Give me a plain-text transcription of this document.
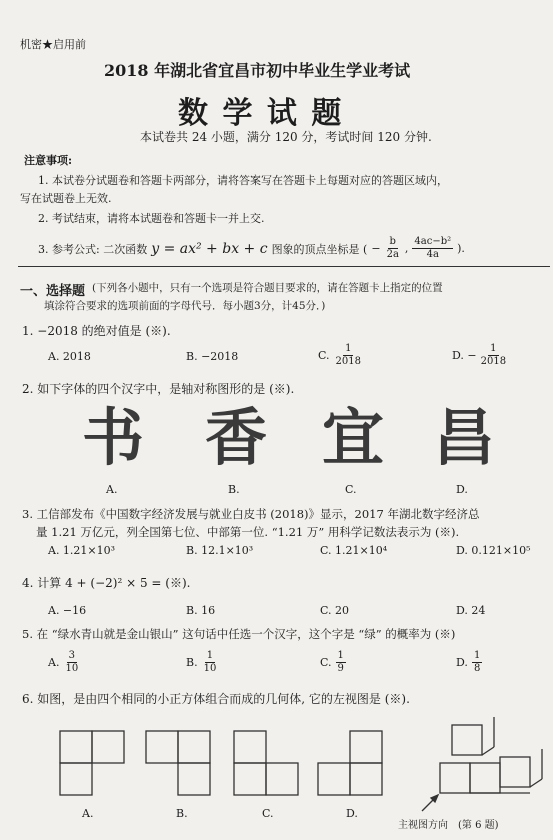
机密★启用前
2018 年湖北省宜昌市初中毕业生学业考试
数 学 试 题
本试卷共 24 小题，满分 120 分，考试时间 120 分钟.
注意事项:
1. 本试卷分试题卷和答题卡两部分，请将答案写在答题卡上每题对应的答题区域内，
写在试题卷上无效.
2. 考试结束，请将本试题卷和答题卡一并上交.
3. 参考公式: 二次函数 y = ax² + bx + c 图象的顶点坐标是 ( − $\frac{b}{2a}$ , $\frac{\text{4ac−b²}}{4a}$ ).
一、选择题 (下列各小题中，只有一个选项是符合题目要求的，请在答题卡上指定的位置
填涂符合要求的选项前面的字母代号．每小题3分，计45分．)
1. −2018 的绝对值是 (※).
A. 2018	B. −2018	C. $\frac{1}{2018}$	D. − $\frac{1}{2018}$
2. 如下字体的四个汉字中，是轴对称图形的是 (※).
书 香 宜 昌
A.	B.	C.	D.
3. 工信部发布《中国数字经济发展与就业白皮书 (2018)》显示，2017 年湖北数字经济总
量 1.21 万亿元，列全国第七位、中部第一位. “1.21 万” 用科学记数法表示为 (※).
A. 1.21×10³	B. 12.1×10³	C. 1.21×10⁴	D. 0.121×10⁵
4. 计算 4 + (−2)² × 5 = (※).
A. −16	B. 16	C. 20	D. 24
5. 在 “绿水青山就是金山银山” 这句话中任选一个汉字，这个字是 “绿” 的概率为 (※)
A. $\frac{3}{10}$	B. $\frac{1}{10}$	C. $\frac{1}{9}$	D. $\frac{1}{8}$
6. 如图，是由四个相同的小正方体组合而成的几何体, 它的左视图是 (※).
A.	B.	C.	D.
主视图方向　(第 6 题)
